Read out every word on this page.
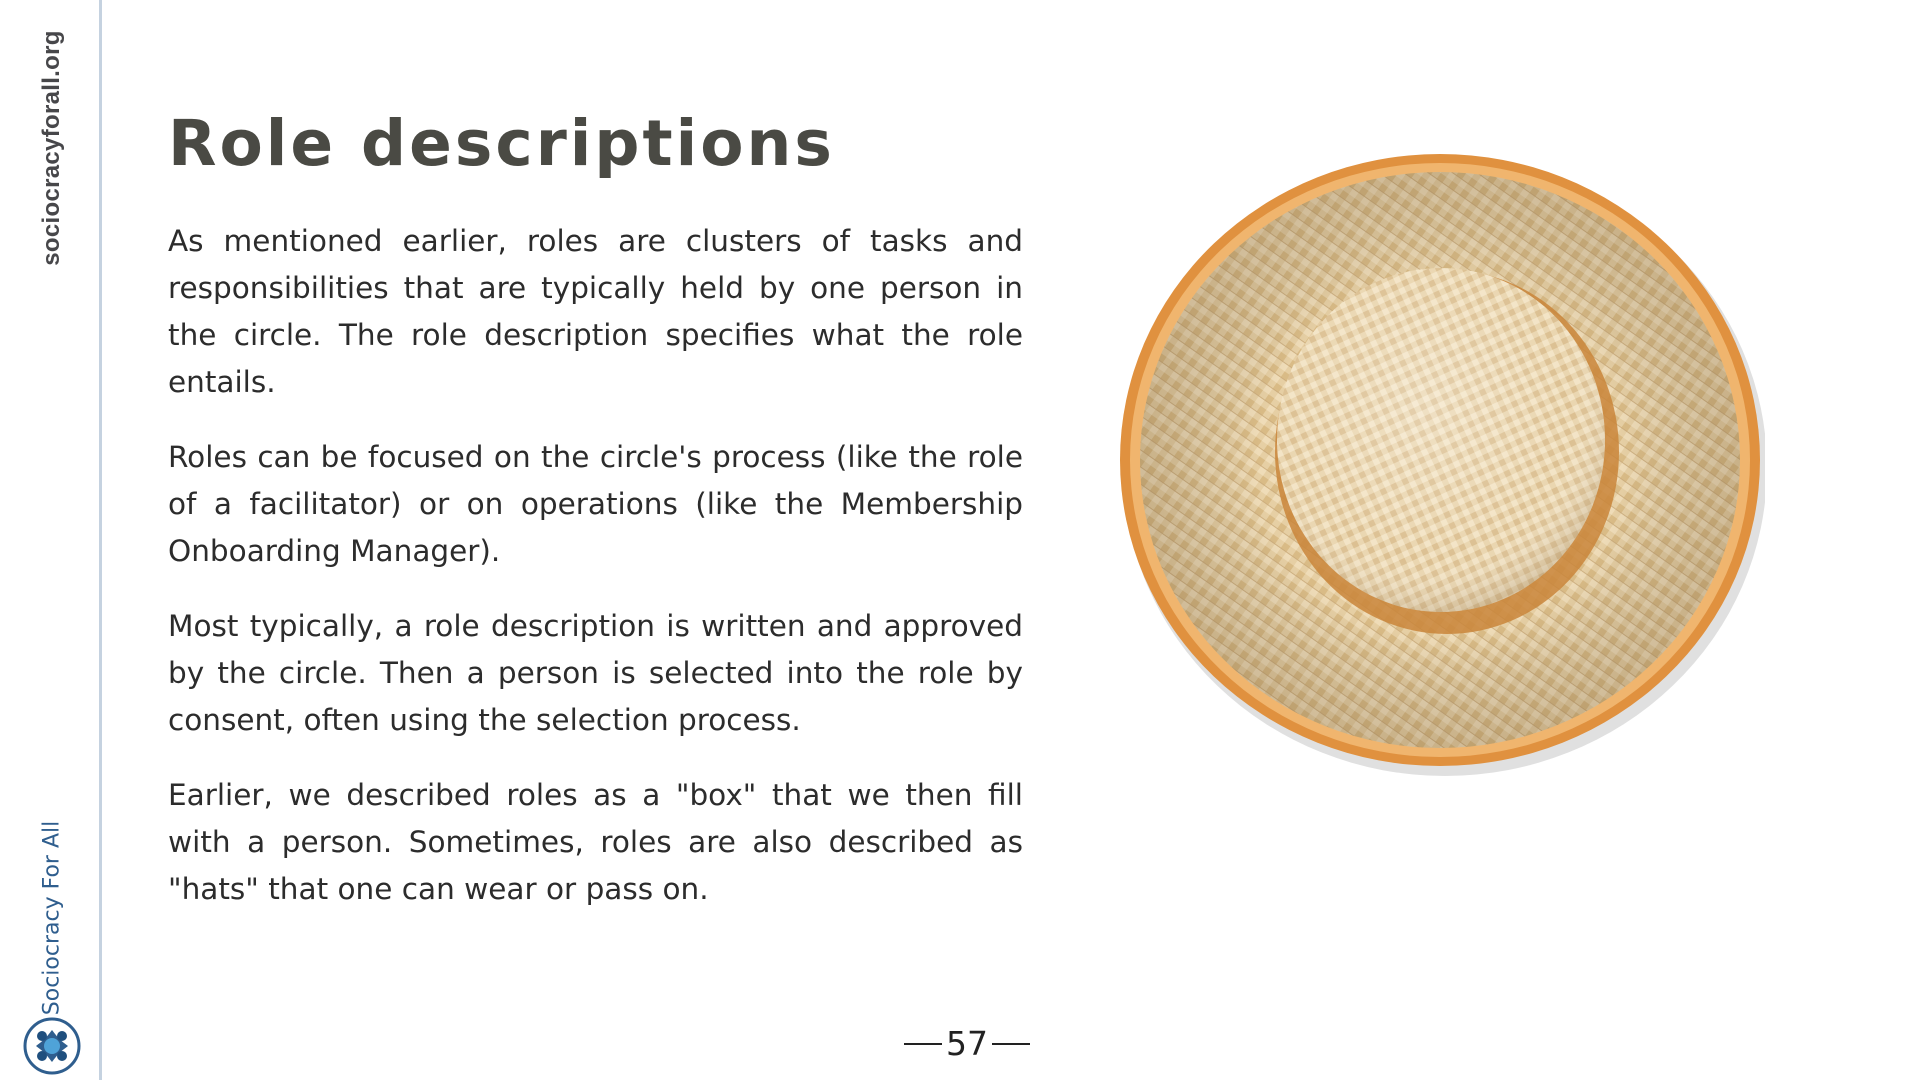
sociocracyforall.org
Sociocracy For All
Role descriptions

As mentioned earlier, roles are clusters of tasks and responsibilities that are typically held by one person in the circle. The role description specifies what the role entails.

Roles can be focused on the circle's process (like the role of a facilitator) or on operations (like the Membership Onboarding Manager).

Most typically, a role description is written and approved by the circle. Then a person is selected into the role by consent, often using the selection process.

Earlier, we described roles as a "box" that we then fill with a person. Sometimes, roles are also described as "hats" that one can wear or pass on.

57
